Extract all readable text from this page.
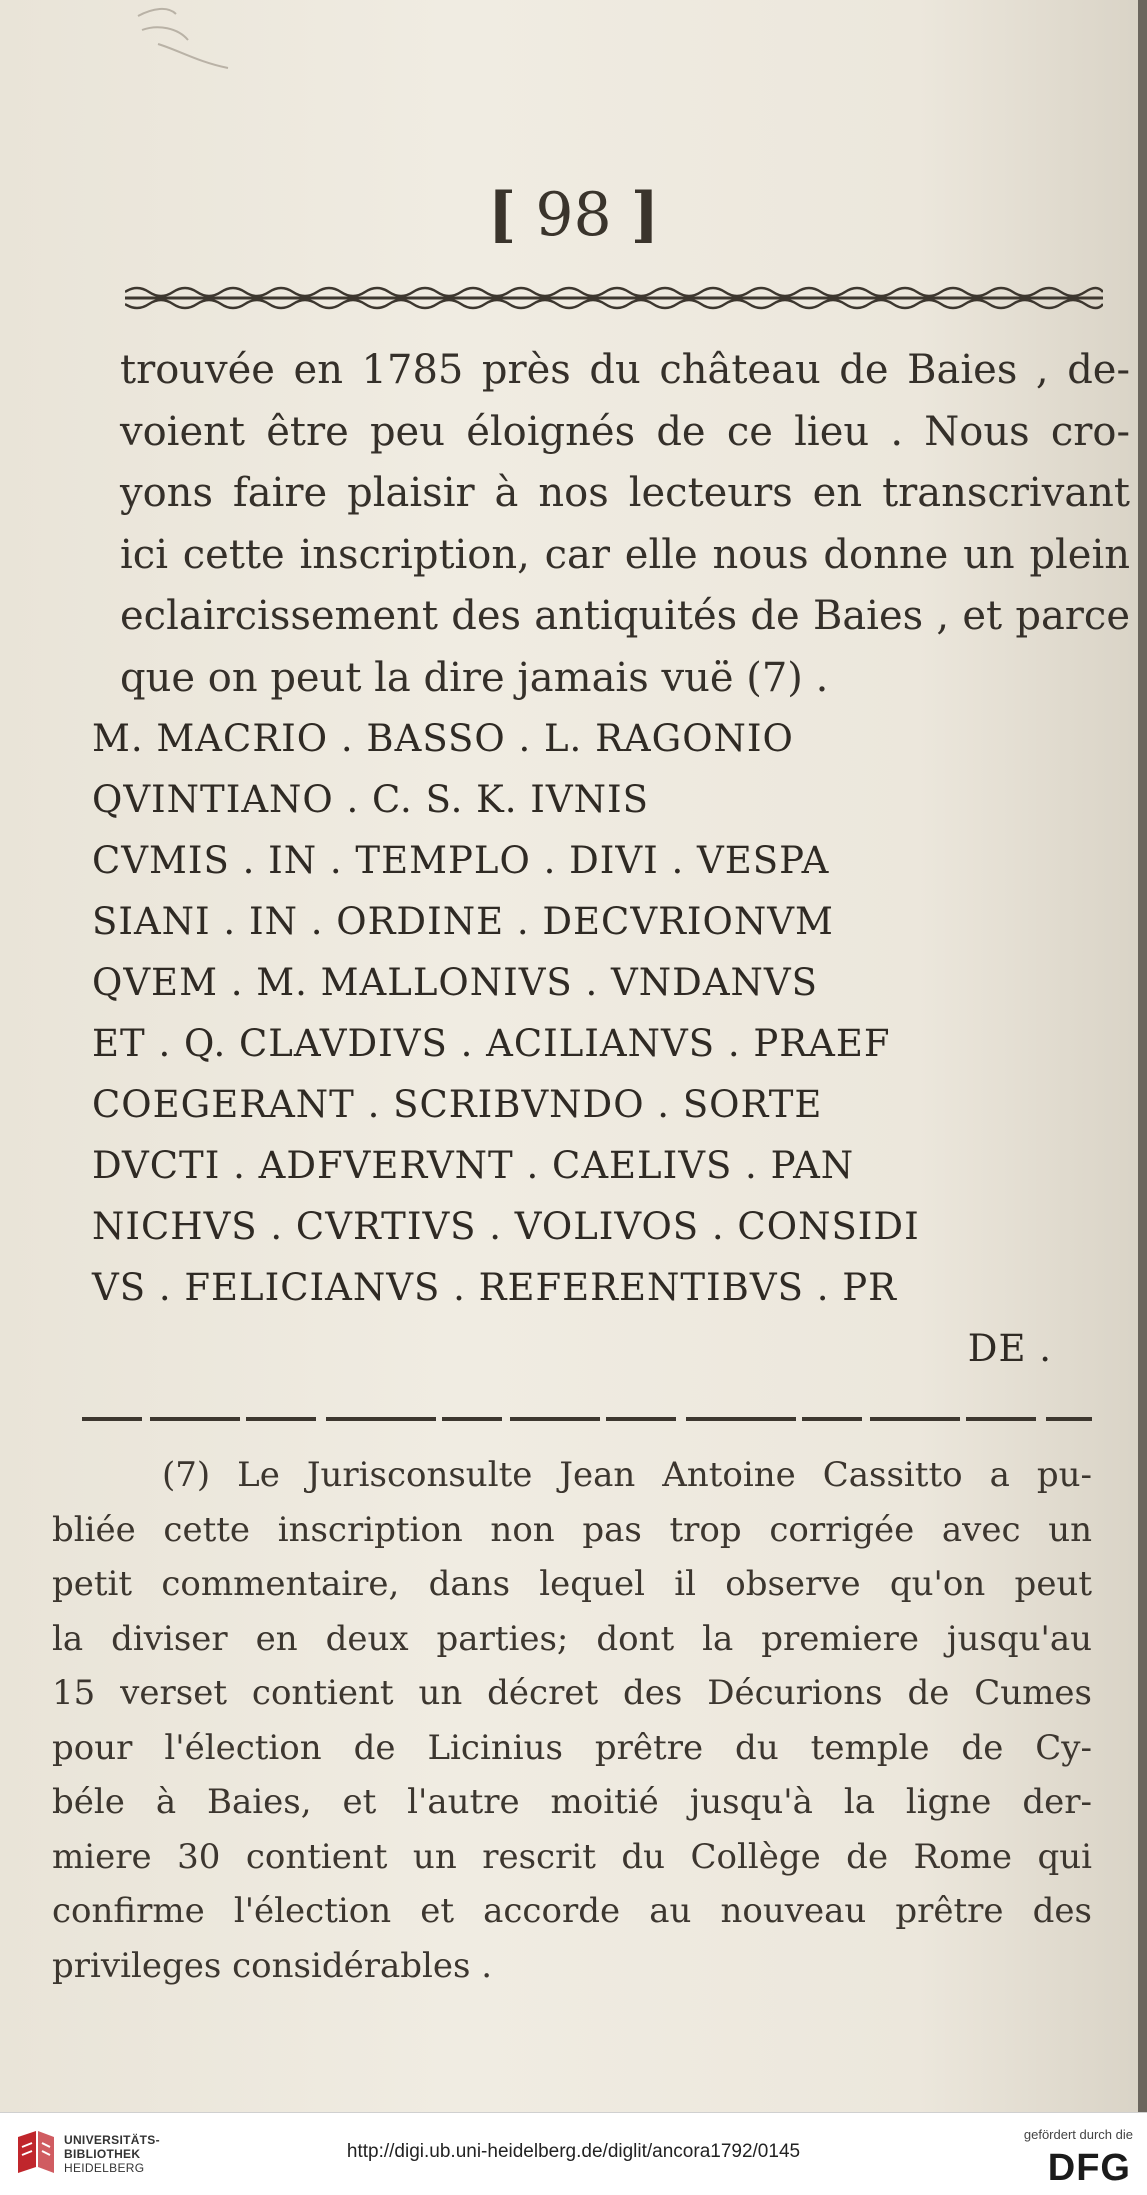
[ 98 ]
trouvée en 1785 près du château de Baies , de-
voient être peu éloignés de ce lieu . Nous cro-
yons faire plaisir à nos lecteurs en transcrivant
ici cette inscription, car elle nous donne un plein
eclaircissement des antiquités de Baies , et parce
que on peut la dire jamais vuë (7) .
M. MACRIO . BASSO . L. RAGONIO
QVINTIANO . C. S. K. IVNIS
CVMIS . IN . TEMPLO . DIVI . VESPA
SIANI . IN . ORDINE . DECVRIONVM
QVEM . M. MALLONIVS . VNDANVS
ET . Q. CLAVDIVS . ACILIANVS . PRAEF
COEGERANT . SCRIBVNDO . SORTE
DVCTI . ADFVERVNT . CAELIVS . PAN
NICHVS . CVRTIVS . VOLIVOS . CONSIDI
VS . FELICIANVS . REFERENTIBVS . PR
DE .
(7) Le Jurisconsulte Jean Antoine Cassitto a pu-
bliée cette inscription non pas trop corrigée avec un
petit commentaire, dans lequel il observe qu'on peut
la diviser en deux parties; dont la premiere jusqu'au
15 verset contient un décret des Décurions de Cumes
pour l'élection de Licinius prêtre du temple de Cy-
béle à Baies, et l'autre moitié jusqu'à la ligne der-
miere 30 contient un rescrit du Collège de Rome qui
confirme l'élection et accorde au nouveau prêtre des
privileges considérables .
UNIVERSITÄTS-
BIBLIOTHEK
HEIDELBERG
http://digi.ub.uni-heidelberg.de/diglit/ancora1792/0145
gefördert durch die
DFG
